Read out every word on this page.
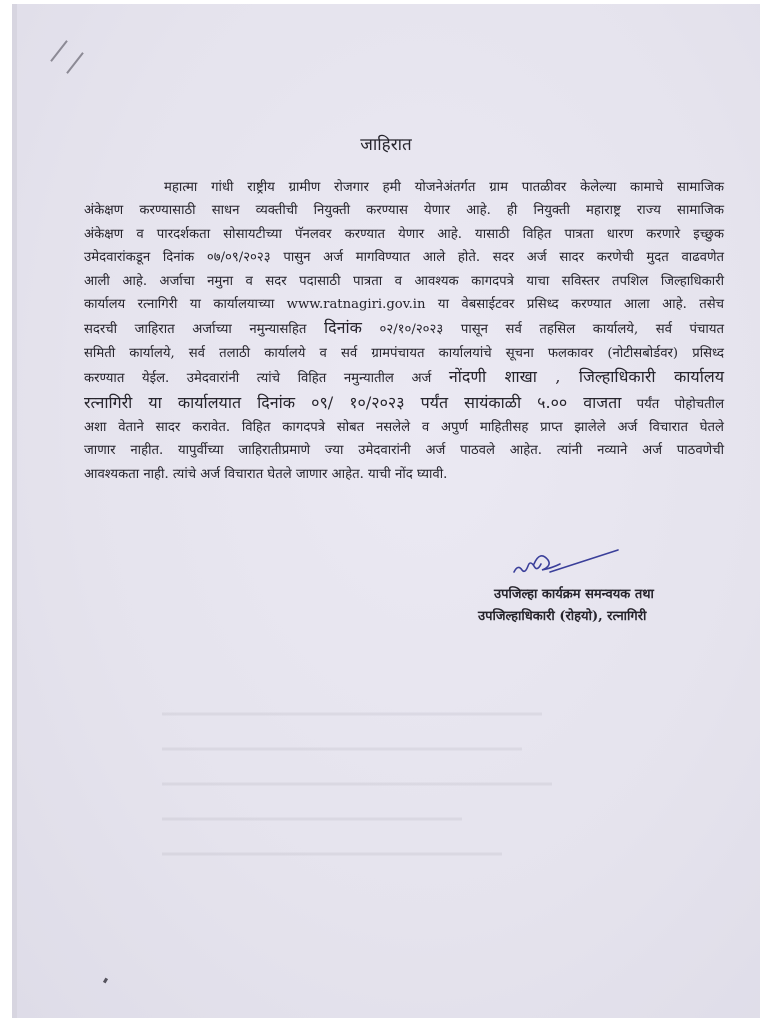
जाहिरात
महात्मा गांधी राष्ट्रीय ग्रामीण रोजगार हमी योजनेअंतर्गत ग्राम पातळीवर केलेल्या कामाचे सामाजिक
अंकेक्षण करण्यासाठी साधन व्यक्तीची नियुक्ती करण्यास येणार आहे. ही नियुक्ती महाराष्ट्र राज्य सामाजिक
अंकेक्षण व पारदर्शकता सोसायटीच्या पॅनलवर करण्यात येणार आहे. यासाठी विहित पात्रता धारण करणारे इच्छुक
उमेदवारांकडून दिनांक ०७/०९/२०२३ पासुन अर्ज मागविण्यात आले होते. सदर अर्ज सादर करणेची मुदत वाढवणेत
आली आहे. अर्जाचा नमुना व सदर पदासाठी पात्रता व आवश्यक कागदपत्रे याचा सविस्तर तपशिल जिल्हाधिकारी
कार्यालय रत्नागिरी या कार्यालयाच्या www.ratnagiri.gov.in या वेबसाईटवर प्रसिध्द करण्यात आला आहे. तसेच
सदरची जाहिरात अर्जाच्या नमुन्यासहित दिनांक ०२/१०/२०२३ पासून सर्व तहसिल कार्यालये, सर्व पंचायत
समिती कार्यालये, सर्व तलाठी कार्यालये व सर्व ग्रामपंचायत कार्यालयांचे सूचना फलकावर (नोटीसबोर्डवर) प्रसिध्द
करण्यात येईल. उमेदवारांनी त्यांचे विहित नमुन्यातील अर्ज नोंदणी शाखा , जिल्हाधिकारी कार्यालय
रत्नागिरी या कार्यालयात दिनांक ०९/ १०/२०२३ पर्यंत सायंकाळी ५.०० वाजता पर्यंत पोहोचतील
अशा वेताने सादर करावेत. विहित कागदपत्रे सोबत नसलेले व अपुर्ण माहितीसह प्राप्त झालेले अर्ज विचारात घेतले
जाणार नाहीत. यापुर्वीच्या जाहिरातीप्रमाणे ज्या उमेदवारांनी अर्ज पाठवले आहेत. त्यांनी नव्याने अर्ज पाठवणेची
आवश्यकता नाही. त्यांचे अर्ज विचारात घेतले जाणार आहेत. याची नोंद घ्यावी.
उपजिल्हा कार्यक्रम समन्वयक तथा
उपजिल्हाधिकारी (रोहयो), रत्नागिरी
